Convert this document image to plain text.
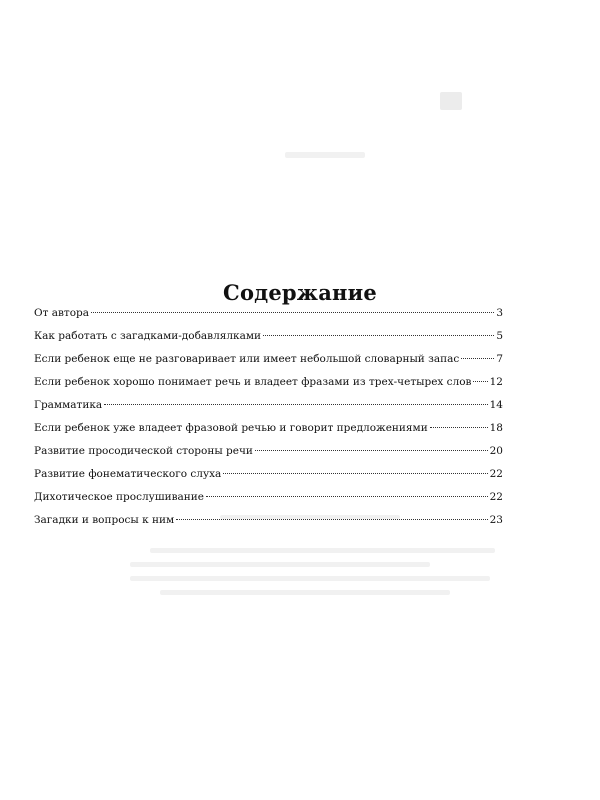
Содержание
От автора	3
Как работать с загадками-добавлялками	5
Если ребенок еще не разговаривает или имеет небольшой словарный запас	7
Если ребенок хорошо понимает речь и владеет фразами из трех-четырех слов 12
Грамматика	14
Если ребенок уже владеет фразовой речью и говорит предложениями	18
Развитие просодической стороны речи	20
Развитие фонематического слуха	22
Дихотическое прослушивание	22
Загадки и вопросы к ним	23
